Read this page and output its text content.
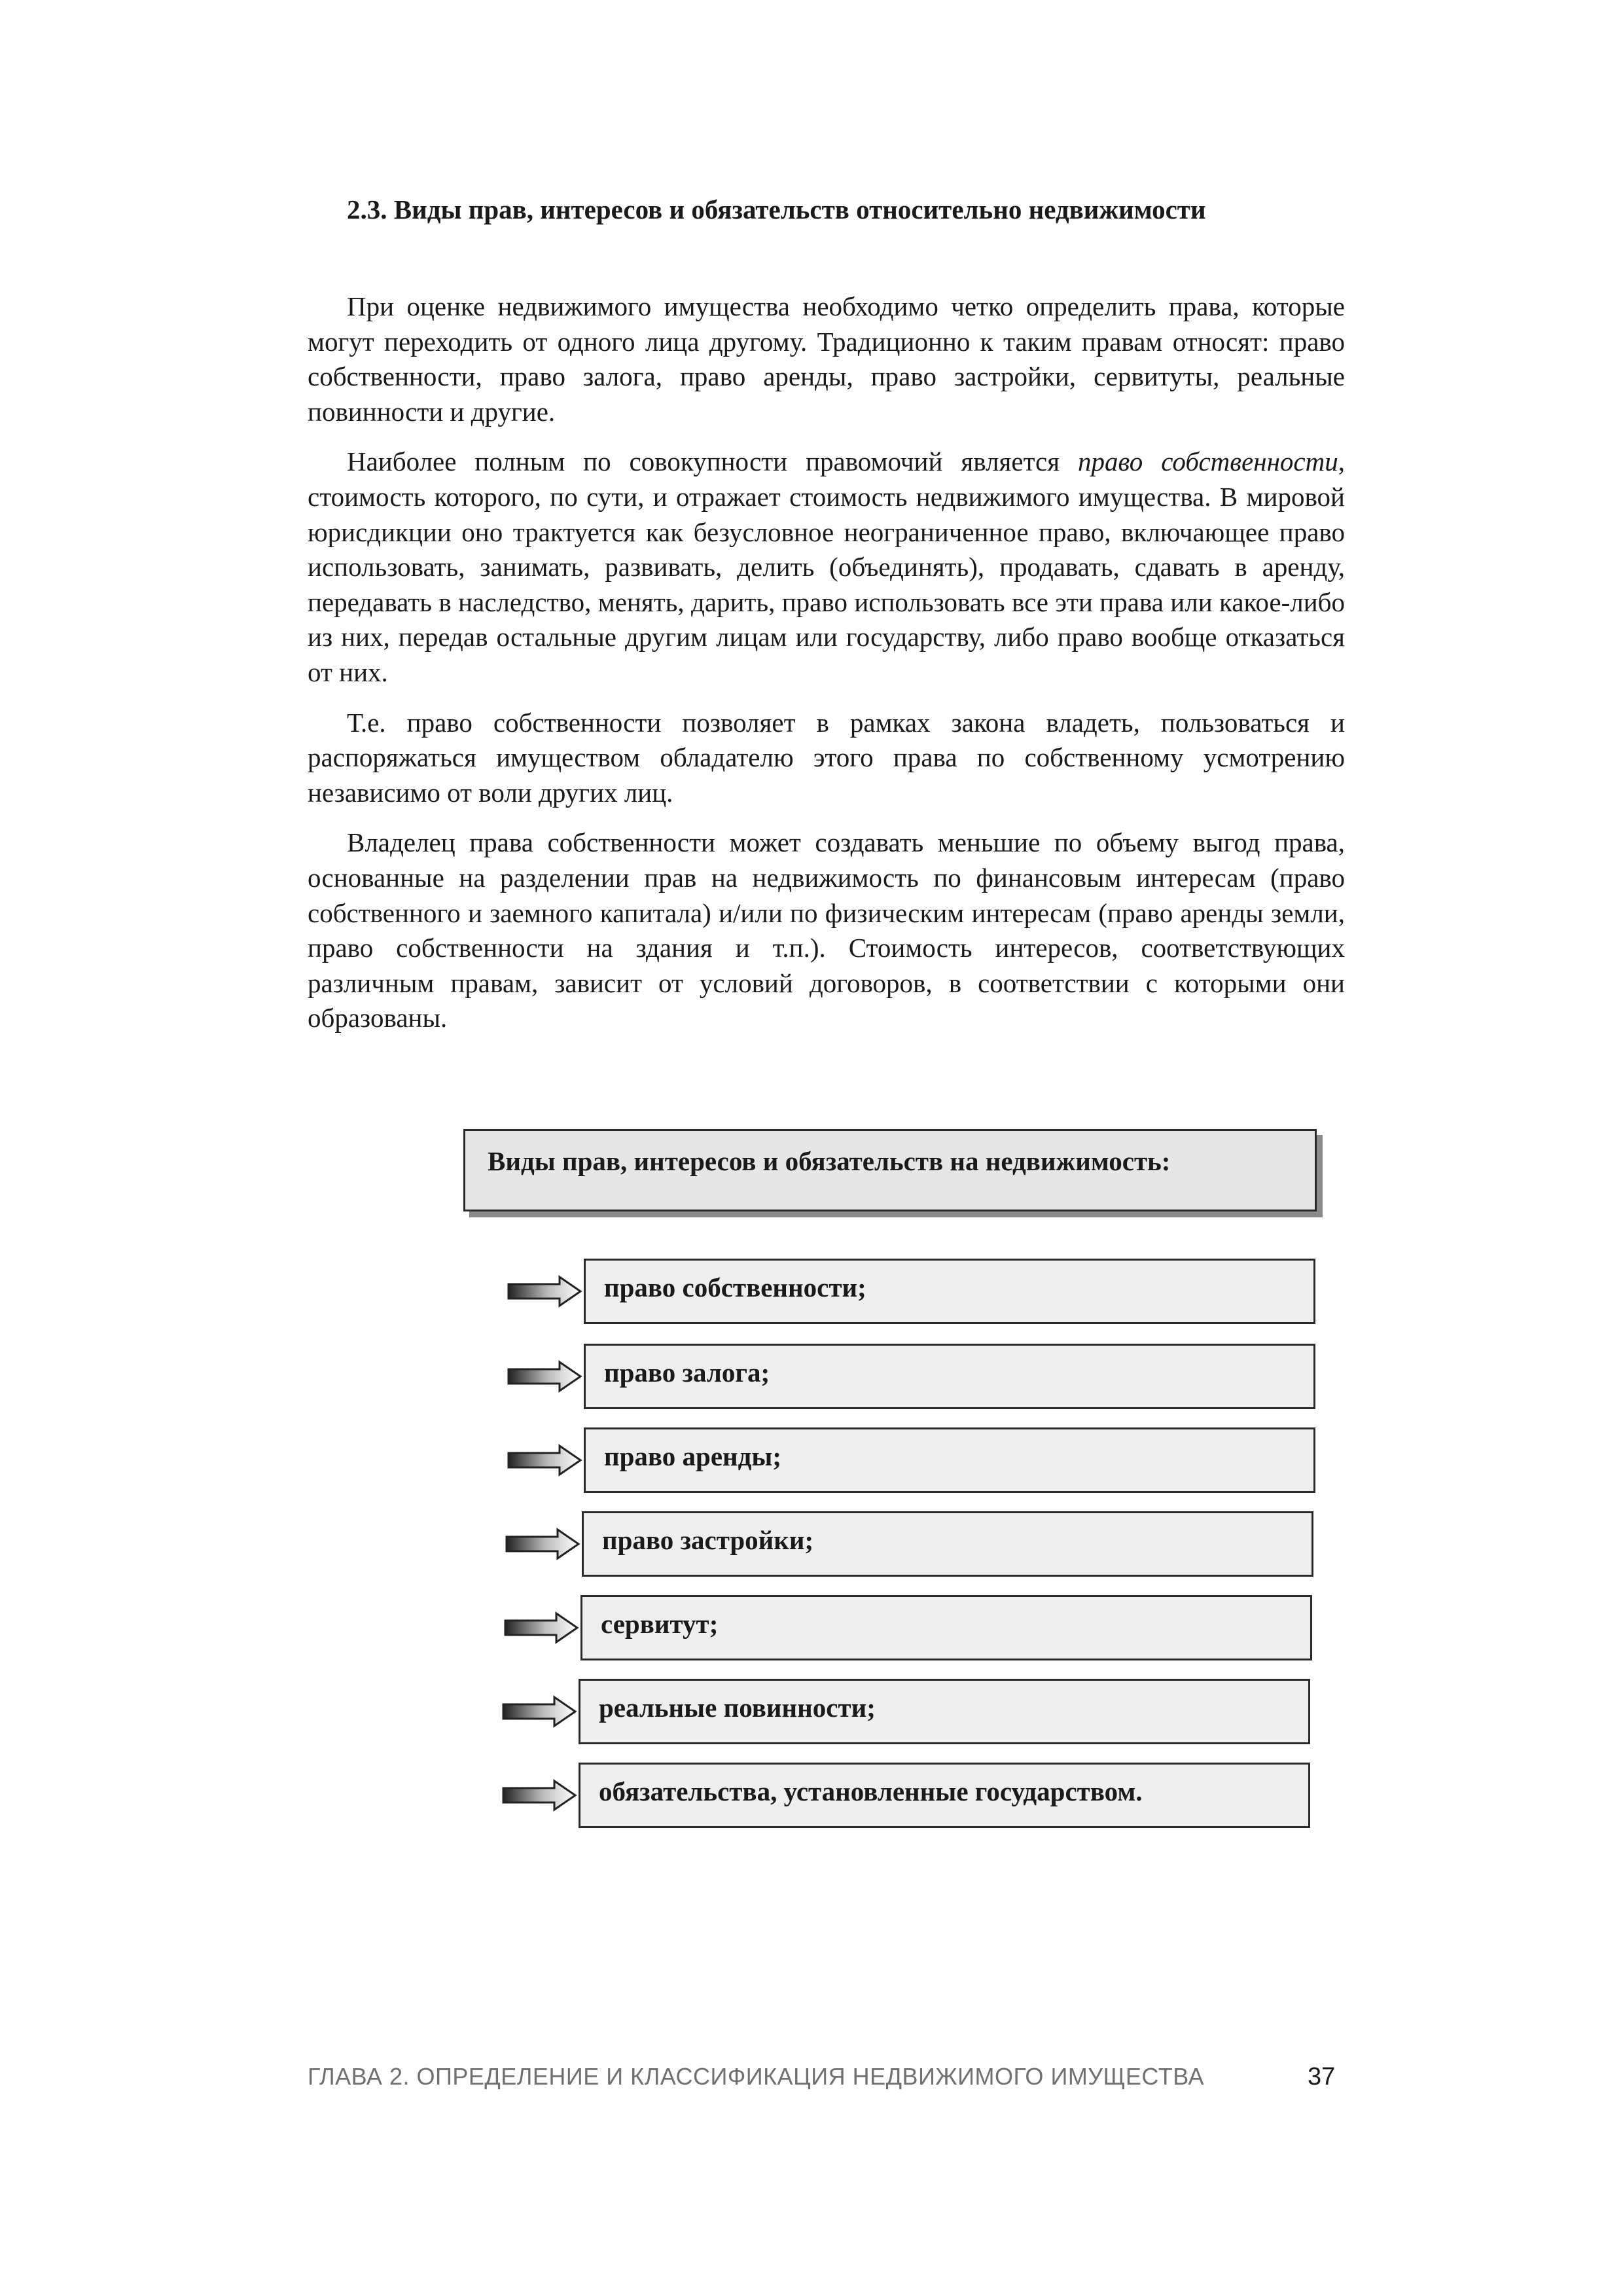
2.3. Виды прав, интересов и обязательств относительно недвижимости

При оценке недвижимого имущества необходимо четко определить права, которые могут переходить от одного лица другому. Традиционно к таким правам относят: право собственности, право залога, право аренды, право застройки, сервитуты, реальные повинности и другие.

Наиболее полным по совокупности правомочий является право собственности, стоимость которого, по сути, и отражает стоимость недвижимого имущества. В мировой юрисдикции оно трактуется как безусловное неограниченное право, включающее право использовать, занимать, развивать, делить (объединять), продавать, сдавать в аренду, передавать в наследство, менять, дарить, право использовать все эти права или какое-либо из них, передав остальные другим лицам или государству, либо право вообще отказаться от них.

Т.е. право собственности позволяет в рамках закона владеть, пользоваться и распоряжаться имуществом обладателю этого права по собственному усмотрению независимо от воли других лиц.

Владелец права собственности может создавать меньшие по объему выгод права, основанные на разделении прав на недвижимость по финансовым интересам (право собственного и заемного капитала) и/или по физическим интересам (право аренды земли, право собственности на здания и т.п.). Стоимость интересов, соответствующих различным правам, зависит от условий договоров, в соответствии с которыми они образованы.

Виды прав, интересов и обязательств на недвижимость:
право собственности;
право залога;
право аренды;
право застройки;
сервитут;
реальные повинности;
обязательства, установленные государством.
ГЛАВА 2. ОПРЕДЕЛЕНИЕ И КЛАССИФИКАЦИЯ НЕДВИЖИМОГО ИМУЩЕСТВА	37
